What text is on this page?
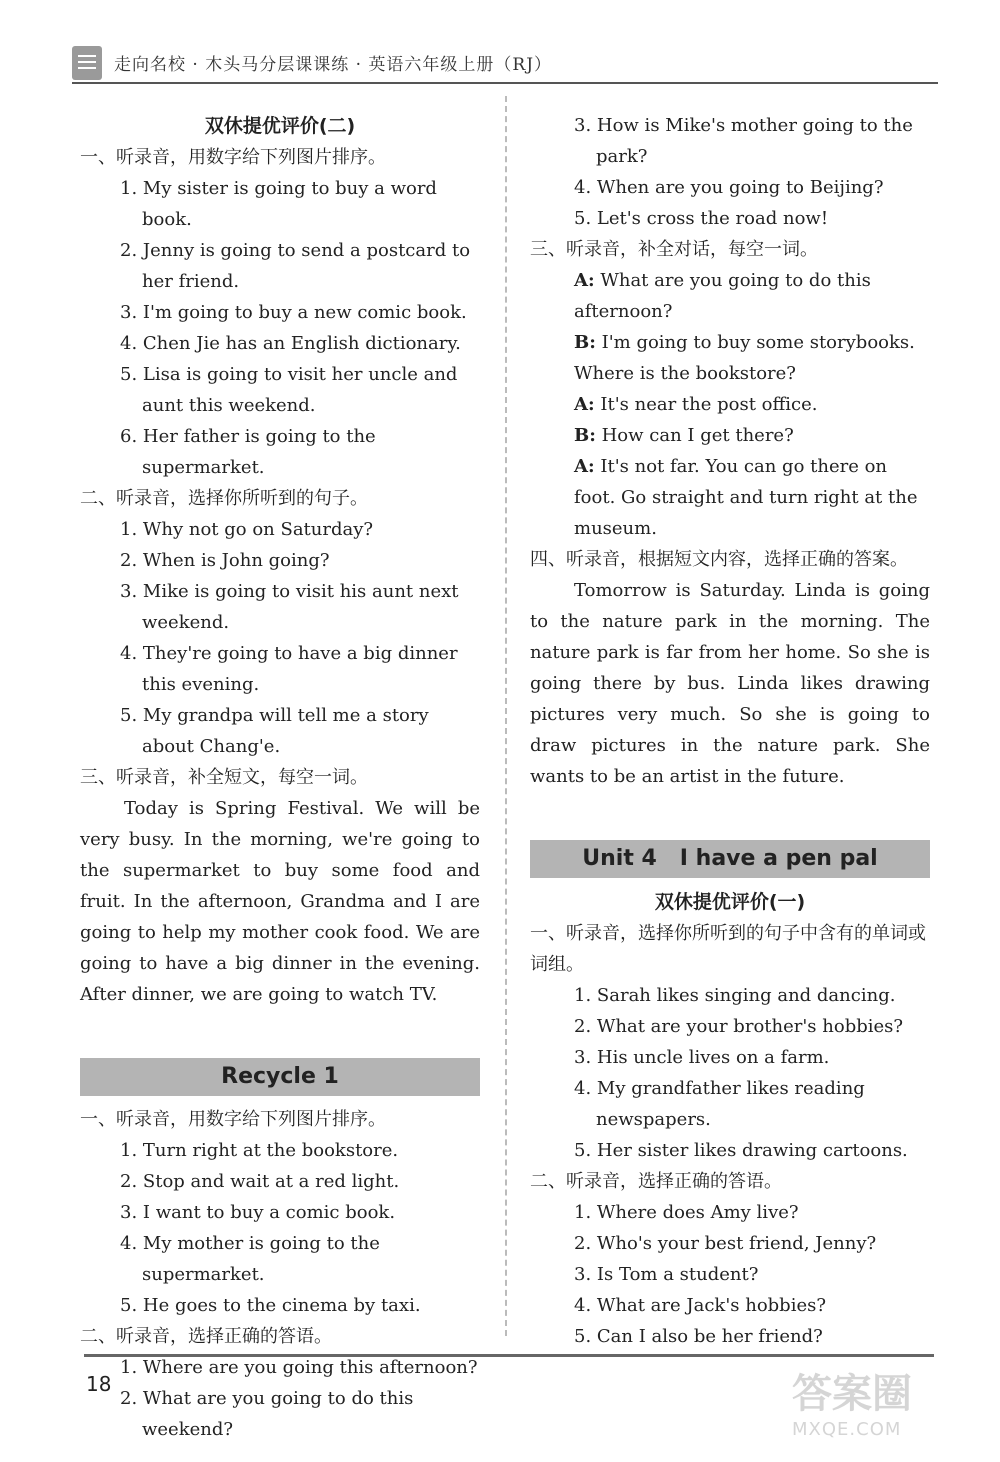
走向名校 · 木头马分层课课练 · 英语六年级上册（RJ）
双休提优评价(二)
一、听录音，用数字给下列图片排序。
1. My sister is going to buy a word book.
2. Jenny is going to send a postcard to her friend.
3. I'm going to buy a new comic book.
4. Chen Jie has an English dictionary.
5. Lisa is going to visit her uncle and aunt this weekend.
6. Her father is going to the supermarket.
二、听录音，选择你所听到的句子。
1. Why not go on Saturday?
2. When is John going?
3. Mike is going to visit his aunt next weekend.
4. They're going to have a big dinner this evening.
5. My grandpa will tell me a story about Chang'e.
三、听录音，补全短文，每空一词。
Today is Spring Festival. We will be very busy. In the morning, we're going to the supermarket to buy some food and fruit. In the afternoon, Grandma and I are going to help my mother cook food. We are going to have a big dinner in the evening. After dinner, we are going to watch TV.
Recycle 1
一、听录音，用数字给下列图片排序。
1. Turn right at the bookstore.
2. Stop and wait at a red light.
3. I want to buy a comic book.
4. My mother is going to the supermarket.
5. He goes to the cinema by taxi.
二、听录音，选择正确的答语。
1. Where are you going this afternoon?
2. What are you going to do this weekend?
3. How is Mike's mother going to the park?
4. When are you going to Beijing?
5. Let's cross the road now!
三、听录音，补全对话，每空一词。
A: What are you going to do this afternoon?
B: I'm going to buy some storybooks. Where is the bookstore?
A: It's near the post office.
B: How can I get there?
A: It's not far. You can go there on foot. Go straight and turn right at the museum.
四、听录音，根据短文内容，选择正确的答案。
Tomorrow is Saturday. Linda is going to the nature park in the morning. The nature park is far from her home. So she is going there by bus. Linda likes drawing pictures very much. So she is going to draw pictures in the nature park. She wants to be an artist in the future.
Unit 4   I have a pen pal
双休提优评价(一)
一、听录音，选择你所听到的句子中含有的单词或词组。
1. Sarah likes singing and dancing.
2. What are your brother's hobbies?
3. His uncle lives on a farm.
4. My grandfather likes reading newspapers.
5. Her sister likes drawing cartoons.
二、听录音，选择正确的答语。
1. Where does Amy live?
2. Who's your best friend, Jenny?
3. Is Tom a student?
4. What are Jack's hobbies?
5. Can I also be her friend?
18	答案圈
MXQE.COM
